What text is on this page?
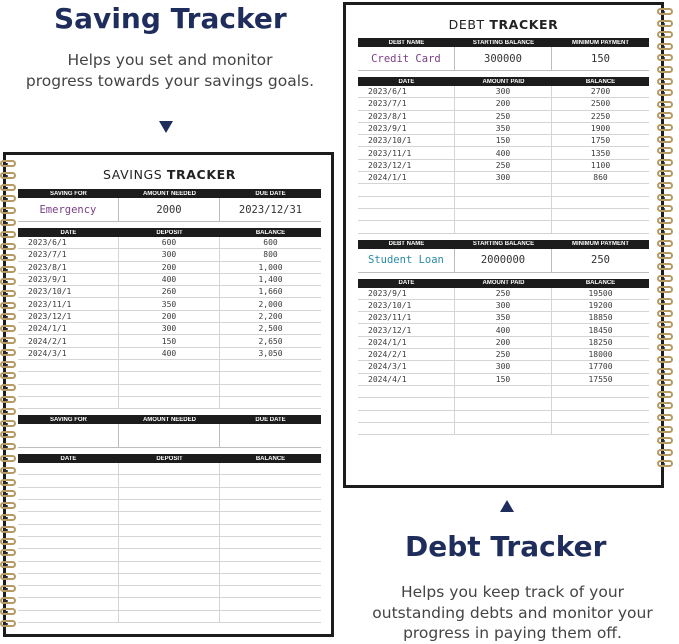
Saving Tracker
Helps you set and monitor
progress towards your savings goals.
SAVINGS TRACKER
SAVING FOR	AMOUNT NEEDED	DUE DATE
Emergency	2000	2023/12/31
DATE	DEPOSIT	BALANCE
2023/6/1	600	600
2023/7/1	300	800
2023/8/1	200	1,000
2023/9/1	400	1,400
2023/10/1	260	1,660
2023/11/1	350	2,000
2023/12/1	200	2,200
2024/1/1	300	2,500
2024/2/1	150	2,650
2024/3/1	400	3,050
SAVING FOR	AMOUNT NEEDED	DUE DATE
DATE	DEPOSIT	BALANCE
DEBT TRACKER
DEBT NAME	STARTING BALANCE	MINIMUM PAYMENT
Credit Card	300000	150
DATE	AMOUNT PAID	BALANCE
2023/6/1	300	2700
2023/7/1	200	2500
2023/8/1	250	2250
2023/9/1	350	1900
2023/10/1	150	1750
2023/11/1	400	1350
2023/12/1	250	1100
2024/1/1	300	860
DEBT NAME	STARTING BALANCE	MINIMUM PAYMENT
Student Loan	2000000	250
DATE	AMOUNT PAID	BALANCE
2023/9/1	250	19500
2023/10/1	300	19200
2023/11/1	350	18850
2023/12/1	400	18450
2024/1/1	200	18250
2024/2/1	250	18000
2024/3/1	300	17700
2024/4/1	150	17550
Debt Tracker
Helps you keep track of your
outstanding debts and monitor your
progress in paying them off.
